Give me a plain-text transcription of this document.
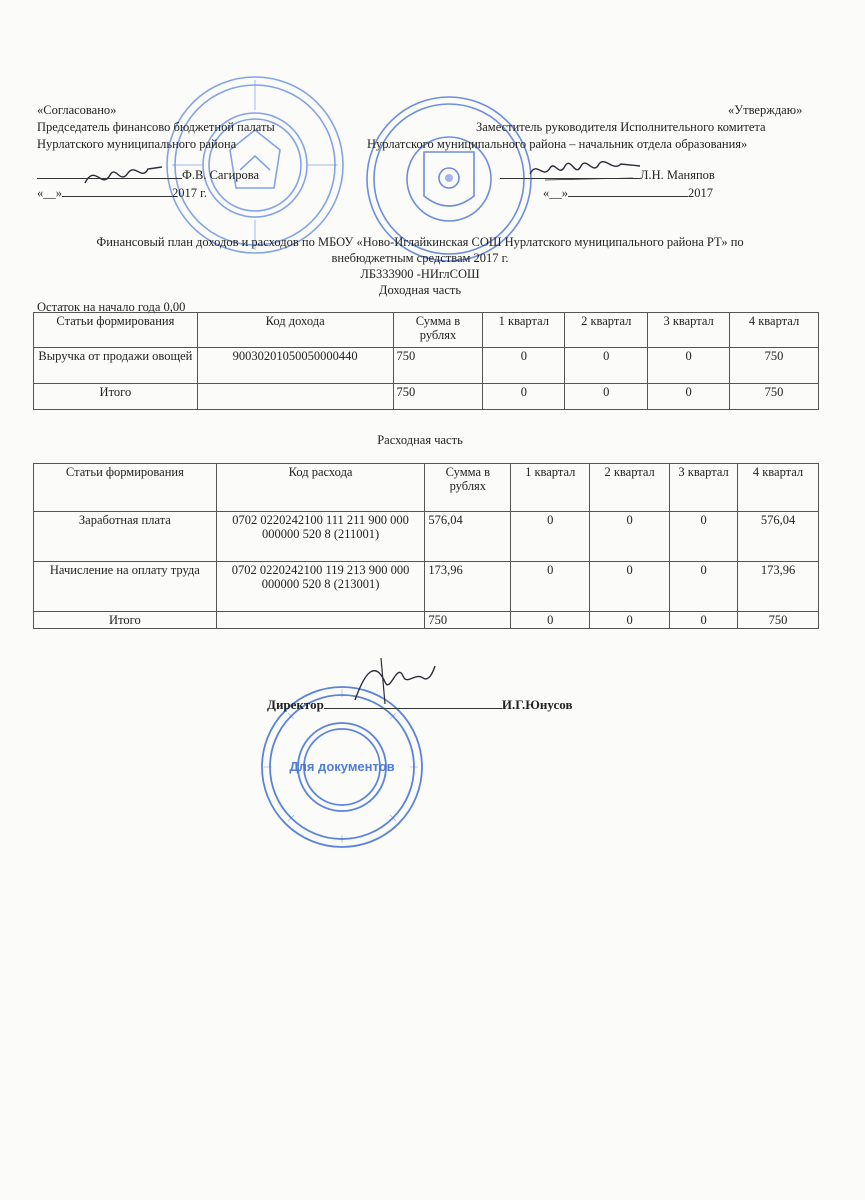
Для документов
«Согласовано»
Председатель финансово бюджетной палаты
Нурлатского муниципального района
Ф.В. Сагирова
«__»	2017 г.
«Утверждаю»
Заместитель руководителя Исполнительного комитета
Нурлатского муниципального района – начальник отдела образования»
Л.Н. Маняпов
«__»	2017
Финансовый план доходов и расходов по МБОУ «Ново-Иглайкинская СОШ Нурлатского муниципального района РТ» по
внебюджетным средствам 2017 г.
ЛБ333900 -НИглСОШ
Доходная часть
Остаток на начало года 0,00
Статьи формирования	Код дохода	Сумма в рублях	1 квартал	2 квартал	3 квартал	4 квартал
Выручка от продажи овощей	90030201050050000440	750	0	0	0	750
Итого		750	0	0	0	750
Расходная часть
Статьи формирования	Код расхода	Сумма в рублях	1 квартал	2 квартал	3 квартал	4 квартал
Заработная плата	0702 0220242100 111 211 900 000 000000 520 8 (211001)	576,04	0	0	0	576,04
Начисление на оплату труда	0702 0220242100 119 213 900 000 000000 520 8 (213001)	173,96	0	0	0	173,96
Итого		750	0	0	0	750
Директор	И.Г.Юнусов
